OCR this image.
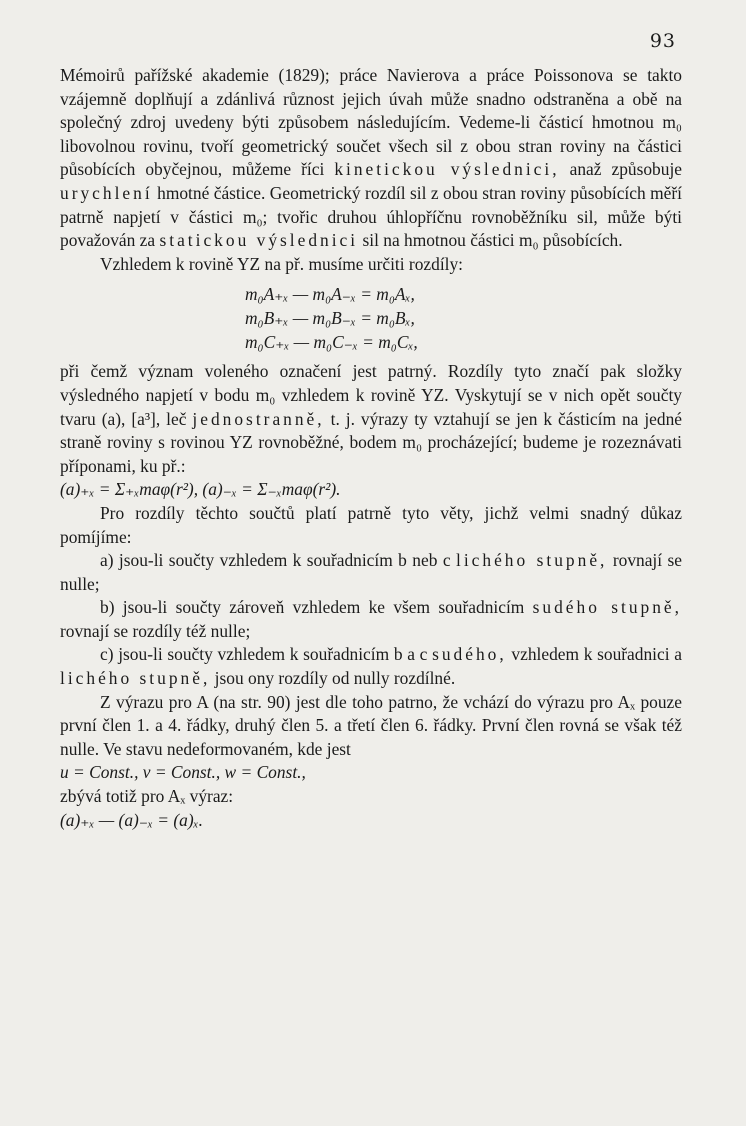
93

Mémoirů pařížské akademie (1829); práce Navierova a práce Poissonova se takto vzájemně doplňují a zdánlivá různost jejich úvah může snadno odstraněna a obě na společný zdroj uvedeny býti způsobem následujícím. Vedeme-li částicí hmotnou m₀ libovolnou rovinu, tvoří geometrický součet všech sil z obou stran roviny na částici působících obyčejnou, můžeme říci kinetickou výslednici, anaž způsobuje urychlení hmotné částice. Geometrický rozdíl sil z obou stran roviny působících měří patrně napjetí v částici m₀; tvořic druhou úhlopříčnu rovnoběžníku sil, může býti považován za statickou výslednici sil na hmotnou částici m₀ působících.

Vzhledem k rovině YZ na př. musíme určiti rozdíly:

m₀A₊ₓ — m₀A₋ₓ = m₀Aₓ,

m₀B₊ₓ — m₀B₋ₓ = m₀Bₓ,

m₀C₊ₓ — m₀C₋ₓ = m₀Cₓ,

při čemž význam voleného označení jest patrný. Rozdíly tyto značí pak složky výsledného napjetí v bodu m₀ vzhledem k rovině YZ. Vyskytují se v nich opět součty tvaru (a), [a³], leč jednostranně, t. j. výrazy ty vztahují se jen k částicím na jedné straně roviny s rovinou YZ rovnoběžné, bodem m₀ procházející; budeme je rozeznávati příponami, ku př.:

(a)₊ₓ = Σ₊ₓmaφ(r²), (a)₋ₓ = Σ₋ₓmaφ(r²).

Pro rozdíly těchto součtů platí patrně tyto věty, jichž velmi snadný důkaz pomíjíme:

a) jsou-li součty vzhledem k souřadnicím b neb c lichého stupně, rovnají se nulle;

b) jsou-li součty zároveň vzhledem ke všem souřadnicím sudého stupně, rovnají se rozdíly též nulle;

c) jsou-li součty vzhledem k souřadnicím b a c sudého, vzhledem k souřadnici a lichého stupně, jsou ony rozdíly od nully rozdílné.

Z výrazu pro A (na str. 90) jest dle toho patrno, že vchází do výrazu pro Aₓ pouze první člen 1. a 4. řádky, druhý člen 5. a třetí člen 6. řádky. První člen rovná se však též nulle. Ve stavu nedeformovaném, kde jest

u = Const., v = Const., w = Const.,

zbývá totiž pro Aₓ výraz:

(a)₊ₓ — (a)₋ₓ = (a)ₓ.
